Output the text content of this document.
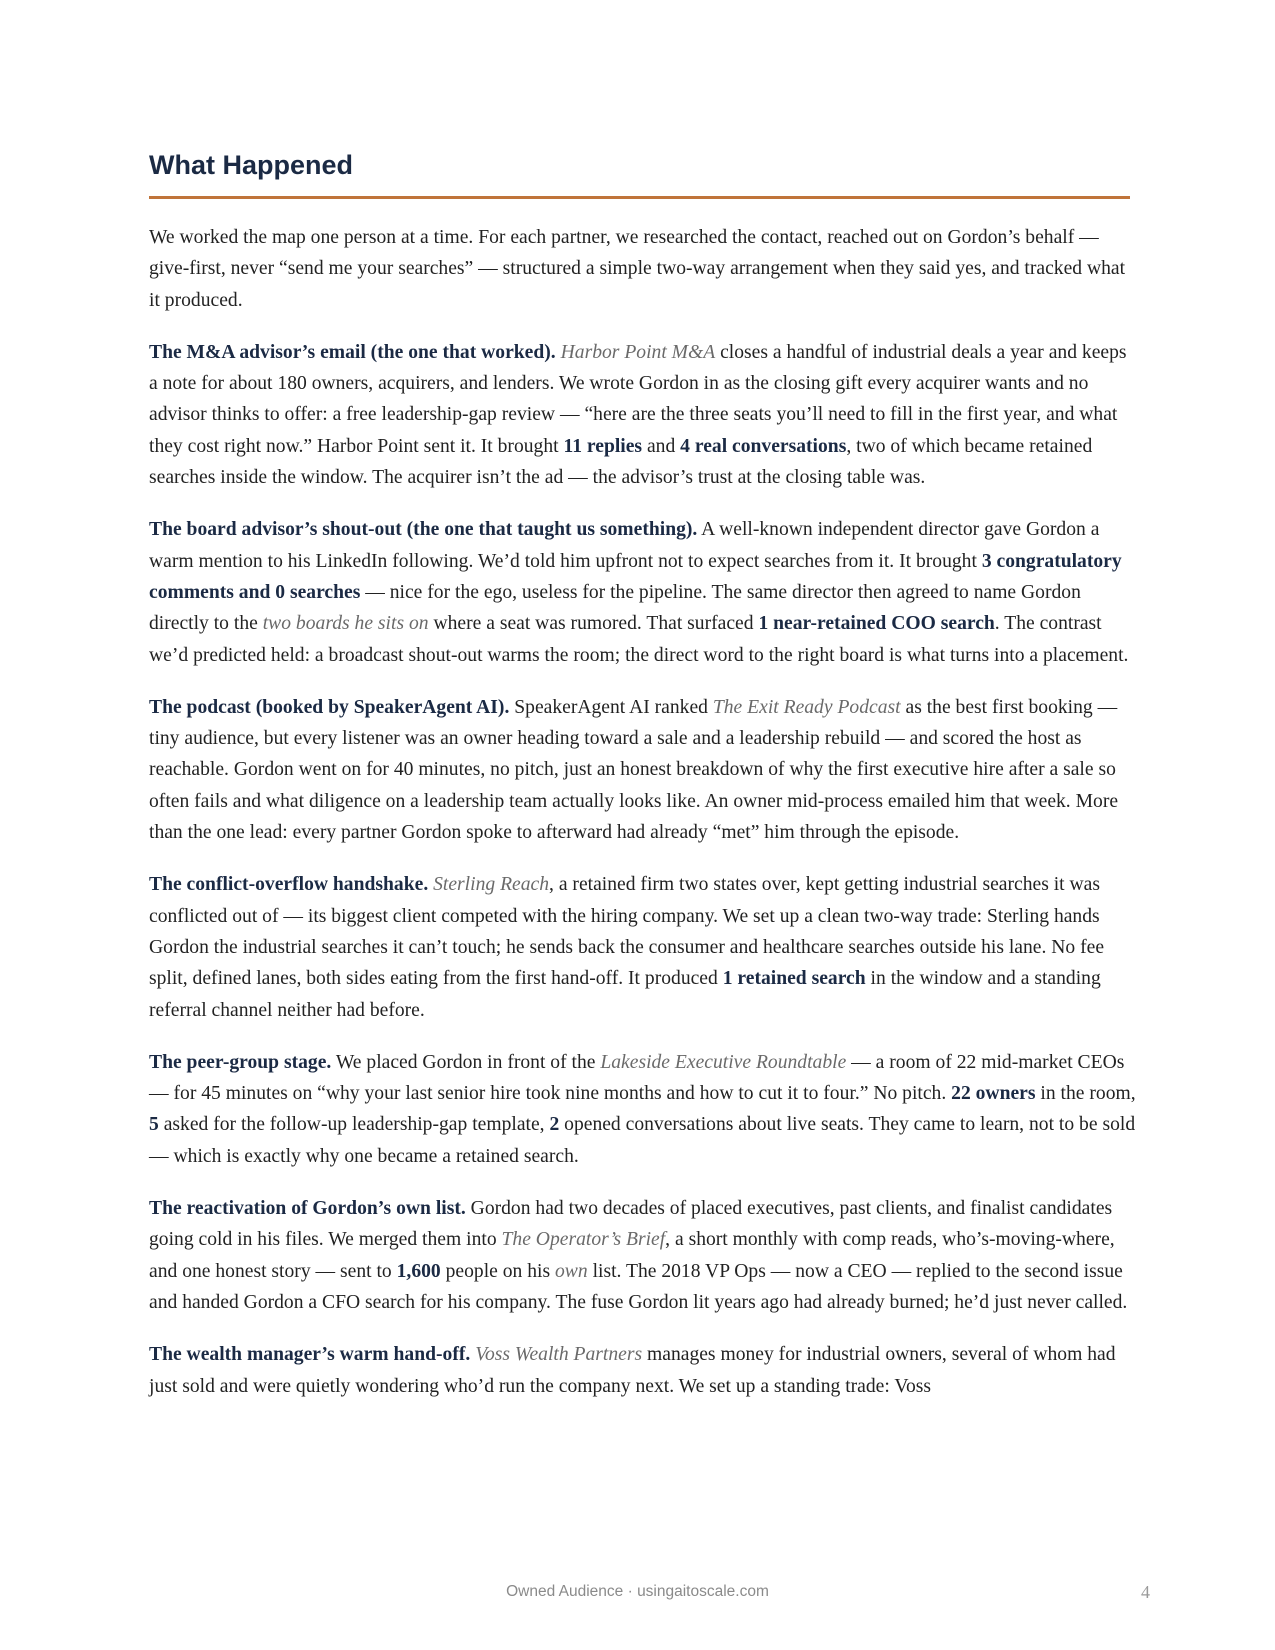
What Happened

We worked the map one person at a time. For each partner, we researched the contact, reached out on Gordon’s behalf — give-first, never “send me your searches” — structured a simple two-way arrangement when they said yes, and tracked what it produced.

The M&A advisor’s email (the one that worked). Harbor Point M&A closes a handful of industrial deals a year and keeps a note for about 180 owners, acquirers, and lenders. We wrote Gordon in as the closing gift every acquirer wants and no advisor thinks to offer: a free leadership-gap review — “here are the three seats you’ll need to fill in the first year, and what they cost right now.” Harbor Point sent it. It brought 11 replies and 4 real conversations, two of which became retained searches inside the window. The acquirer isn’t the ad — the advisor’s trust at the closing table was.

The board advisor’s shout-out (the one that taught us something). A well-known independent director gave Gordon a warm mention to his LinkedIn following. We’d told him upfront not to expect searches from it. It brought 3 congratulatory comments and 0 searches — nice for the ego, useless for the pipeline. The same director then agreed to name Gordon directly to the two boards he sits on where a seat was rumored. That surfaced 1 near-retained COO search. The contrast we’d predicted held: a broadcast shout-out warms the room; the direct word to the right board is what turns into a placement.

The podcast (booked by SpeakerAgent AI). SpeakerAgent AI ranked The Exit Ready Podcast as the best first booking — tiny audience, but every listener was an owner heading toward a sale and a leadership rebuild — and scored the host as reachable. Gordon went on for 40 minutes, no pitch, just an honest breakdown of why the first executive hire after a sale so often fails and what diligence on a leadership team actually looks like. An owner mid-process emailed him that week. More than the one lead: every partner Gordon spoke to afterward had already “met” him through the episode.

The conflict-overflow handshake. Sterling Reach, a retained firm two states over, kept getting industrial searches it was conflicted out of — its biggest client competed with the hiring company. We set up a clean two-way trade: Sterling hands Gordon the industrial searches it can’t touch; he sends back the consumer and healthcare searches outside his lane. No fee split, defined lanes, both sides eating from the first hand-off. It produced 1 retained search in the window and a standing referral channel neither had before.

The peer-group stage. We placed Gordon in front of the Lakeside Executive Roundtable — a room of 22 mid-market CEOs — for 45 minutes on “why your last senior hire took nine months and how to cut it to four.” No pitch. 22 owners in the room, 5 asked for the follow-up leadership-gap template, 2 opened conversations about live seats. They came to learn, not to be sold — which is exactly why one became a retained search.

The reactivation of Gordon’s own list. Gordon had two decades of placed executives, past clients, and finalist candidates going cold in his files. We merged them into The Operator’s Brief, a short monthly with comp reads, who’s-moving-where, and one honest story — sent to 1,600 people on his own list. The 2018 VP Ops — now a CEO — replied to the second issue and handed Gordon a CFO search for his company. The fuse Gordon lit years ago had already burned; he’d just never called.

The wealth manager’s warm hand-off. Voss Wealth Partners manages money for industrial owners, several of whom had just sold and were quietly wondering who’d run the company next. We set up a standing trade: Voss

Owned Audience · usingaitoscale.com	4
